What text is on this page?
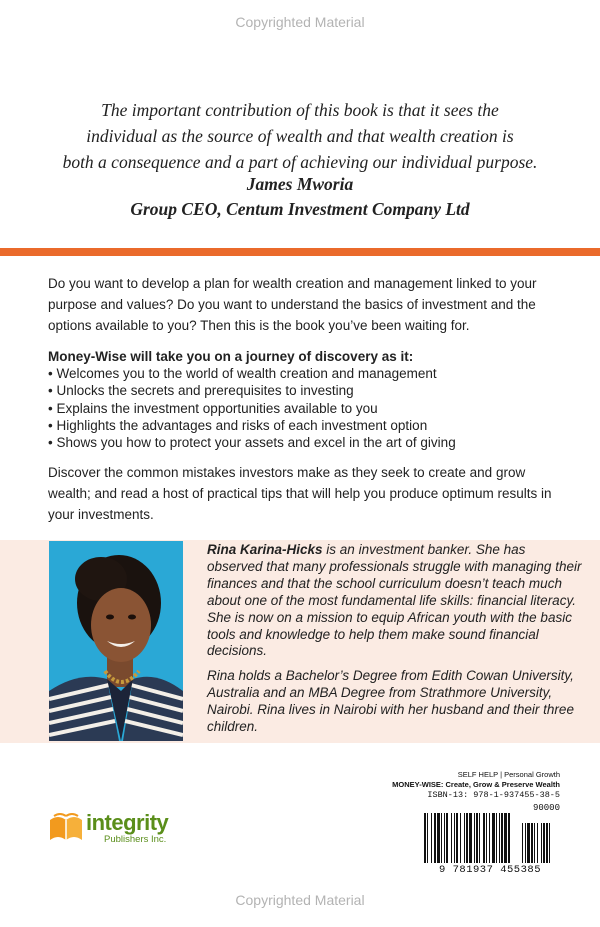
Copyrighted Material
The important contribution of this book is that it sees the
individual as the source of wealth and that wealth creation is
both a consequence and a part of achieving our individual purpose.
James Mworia
Group CEO, Centum Investment Company Ltd
Do you want to develop a plan for wealth creation and management linked to your purpose and values? Do you want to understand the basics of investment and the options available to you? Then this is the book you’ve been waiting for.
Money-Wise will take you on a journey of discovery as it:
• Welcomes you to the world of wealth creation and management
• Unlocks the secrets and prerequisites to investing
• Explains the investment opportunities available to you
• Highlights the advantages and risks of each investment option
• Shows you how to protect your assets and excel in the art of giving
Discover the common mistakes investors make as they seek to create and grow wealth; and read a host of practical tips that will help you produce optimum results in your investments.
Rina Karina-Hicks is an investment banker. She has observed that many professionals struggle with managing their finances and that the school curriculum doesn’t teach much about one of the most fundamental life skills: financial literacy. She is now on a mission to equip African youth with the basic tools and knowledge to help them make sound financial decisions.
Rina holds a Bachelor’s Degree from Edith Cowan University, Australia and an MBA Degree from Strathmore University, Nairobi. Rina lives in Nairobi with her husband and their three children.
integrity
Publishers Inc.
SELF HELP | Personal Growth
MONEY-WISE: Create, Grow & Preserve Wealth
ISBN-13: 978-1-937455-38-5
90000
9 781937 455385
Copyrighted Material
